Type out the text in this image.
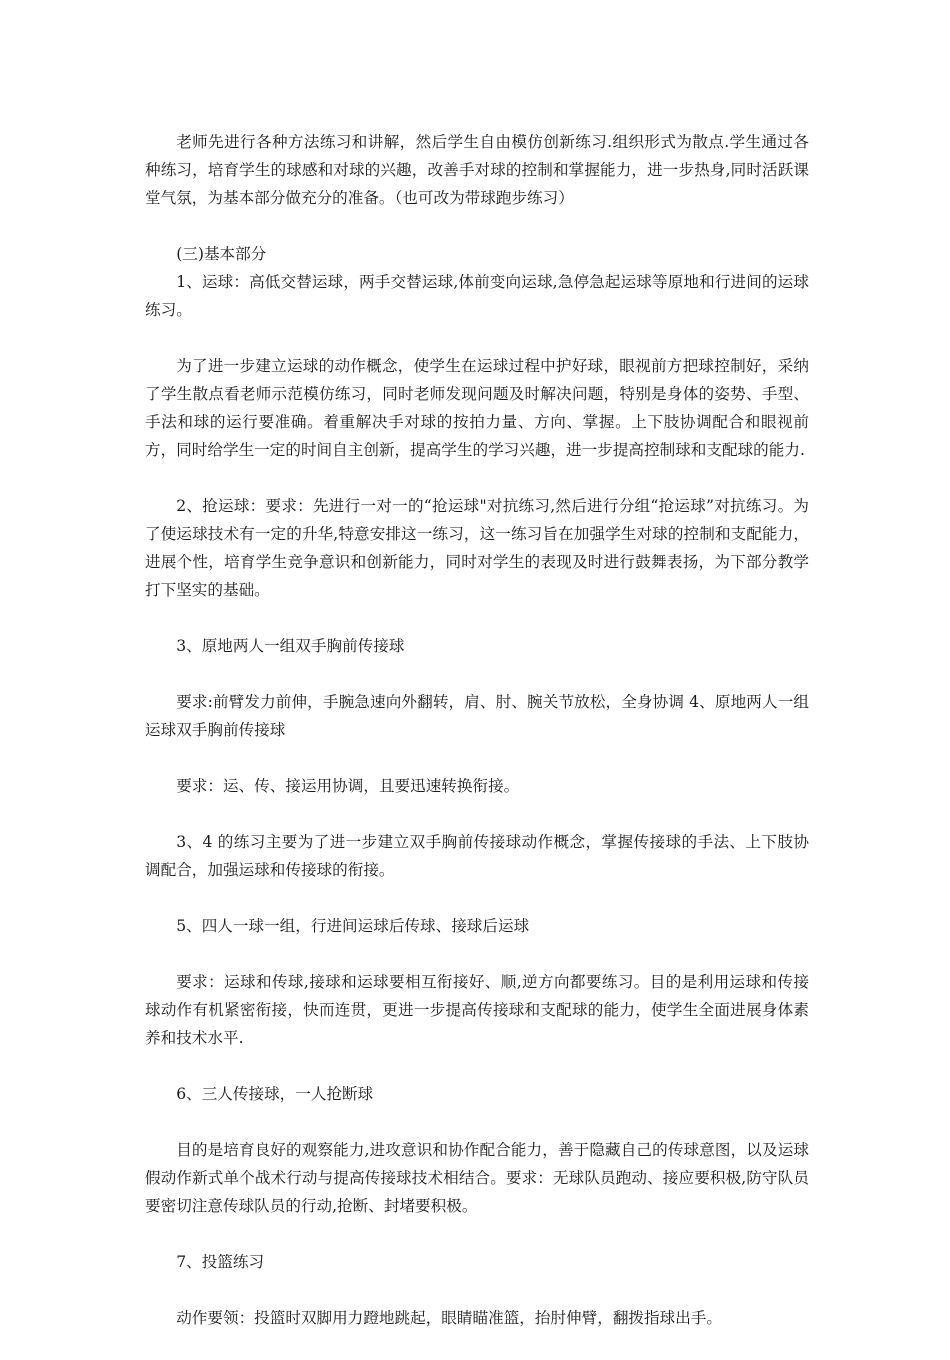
老师先进行各种方法练习和讲解，然后学生自由模仿创新练习.组织形式为散点.学生通过各种练习，培育学生的球感和对球的兴趣，改善手对球的控制和掌握能力，进一步热身,同时活跃课堂气氛，为基本部分做充分的准备。（也可改为带球跑步练习）

(三)基本部分

1、运球：高低交替运球，两手交替运球,体前变向运球,急停急起运球等原地和行进间的运球练习。

为了进一步建立运球的动作概念，使学生在运球过程中护好球，眼视前方把球控制好，采纳了学生散点看老师示范模仿练习，同时老师发现问题及时解决问题，特别是身体的姿势、手型、手法和球的运行要准确。着重解决手对球的按拍力量、方向、掌握。上下肢协调配合和眼视前方，同时给学生一定的时间自主创新，提高学生的学习兴趣，进一步提高控制球和支配球的能力.

2、抢运球：要求：先进行一对一的“抢运球"对抗练习,然后进行分组“抢运球”对抗练习。为了使运球技术有一定的升华,特意安排这一练习，这一练习旨在加强学生对球的控制和支配能力，进展个性，培育学生竞争意识和创新能力，同时对学生的表现及时进行鼓舞表扬，为下部分教学打下坚实的基础。

3、原地两人一组双手胸前传接球

要求:前臂发力前伸，手腕急速向外翻转，肩、肘、腕关节放松，全身协调 4、原地两人一组运球双手胸前传接球

要求：运、传、接运用协调，且要迅速转换衔接。

3、4 的练习主要为了进一步建立双手胸前传接球动作概念，掌握传接球的手法、上下肢协调配合，加强运球和传接球的衔接。

5、四人一球一组，行进间运球后传球、接球后运球

要求：运球和传球,接球和运球要相互衔接好、顺,逆方向都要练习。目的是利用运球和传接球动作有机紧密衔接，快而连贯，更进一步提高传接球和支配球的能力，使学生全面进展身体素养和技术水平.

6、三人传接球，一人抢断球

目的是培育良好的观察能力,进攻意识和协作配合能力，善于隐藏自己的传球意图，以及运球假动作新式单个战术行动与提高传接球技术相结合。要求：无球队员跑动、接应要积极,防守队员要密切注意传球队员的行动,抢断、封堵要积极。

7、投篮练习

动作要领：投篮时双脚用力蹬地跳起，眼睛瞄准篮，抬肘伸臂，翻拨指球出手。
